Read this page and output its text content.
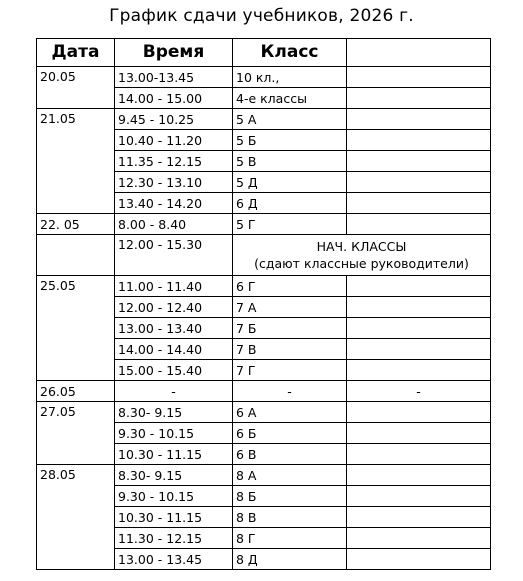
График сдачи учебников, 2026 г.
Дата	Время	Класс	
20.05	13.00-13.45	10 кл.,	
	14.00 - 15.00	4-е классы	
21.05	9.45 - 10.25	5 А	
	10.40 - 11.20	5 Б	
	11.35 - 12.15	5 В	
	12.30 - 13.10	5 Д	
	13.40 - 14.20	6 Д	
22. 05	8.00 - 8.40	5 Г	
	12.00 - 15.30	НАЧ. КЛАССЫ
(сдают классные руководители)	

25.05	11.00 - 11.40	6 Г	
	12.00 - 12.40	7 А	
	13.00 - 13.40	7 Б	
	14.00 - 14.40	7 В	
	15.00 - 15.40	7 Г	
26.05	-	-	-
27.05	8.30- 9.15	6 А	
	9.30 - 10.15	6 Б	
	10.30 - 11.15	6 В	
28.05	8.30- 9.15	8 А	
	9.30 - 10.15	8 Б	
	10.30 - 11.15	8 В	
	11.30 - 12.15	8 Г	
	13.00 - 13.45	8 Д	
